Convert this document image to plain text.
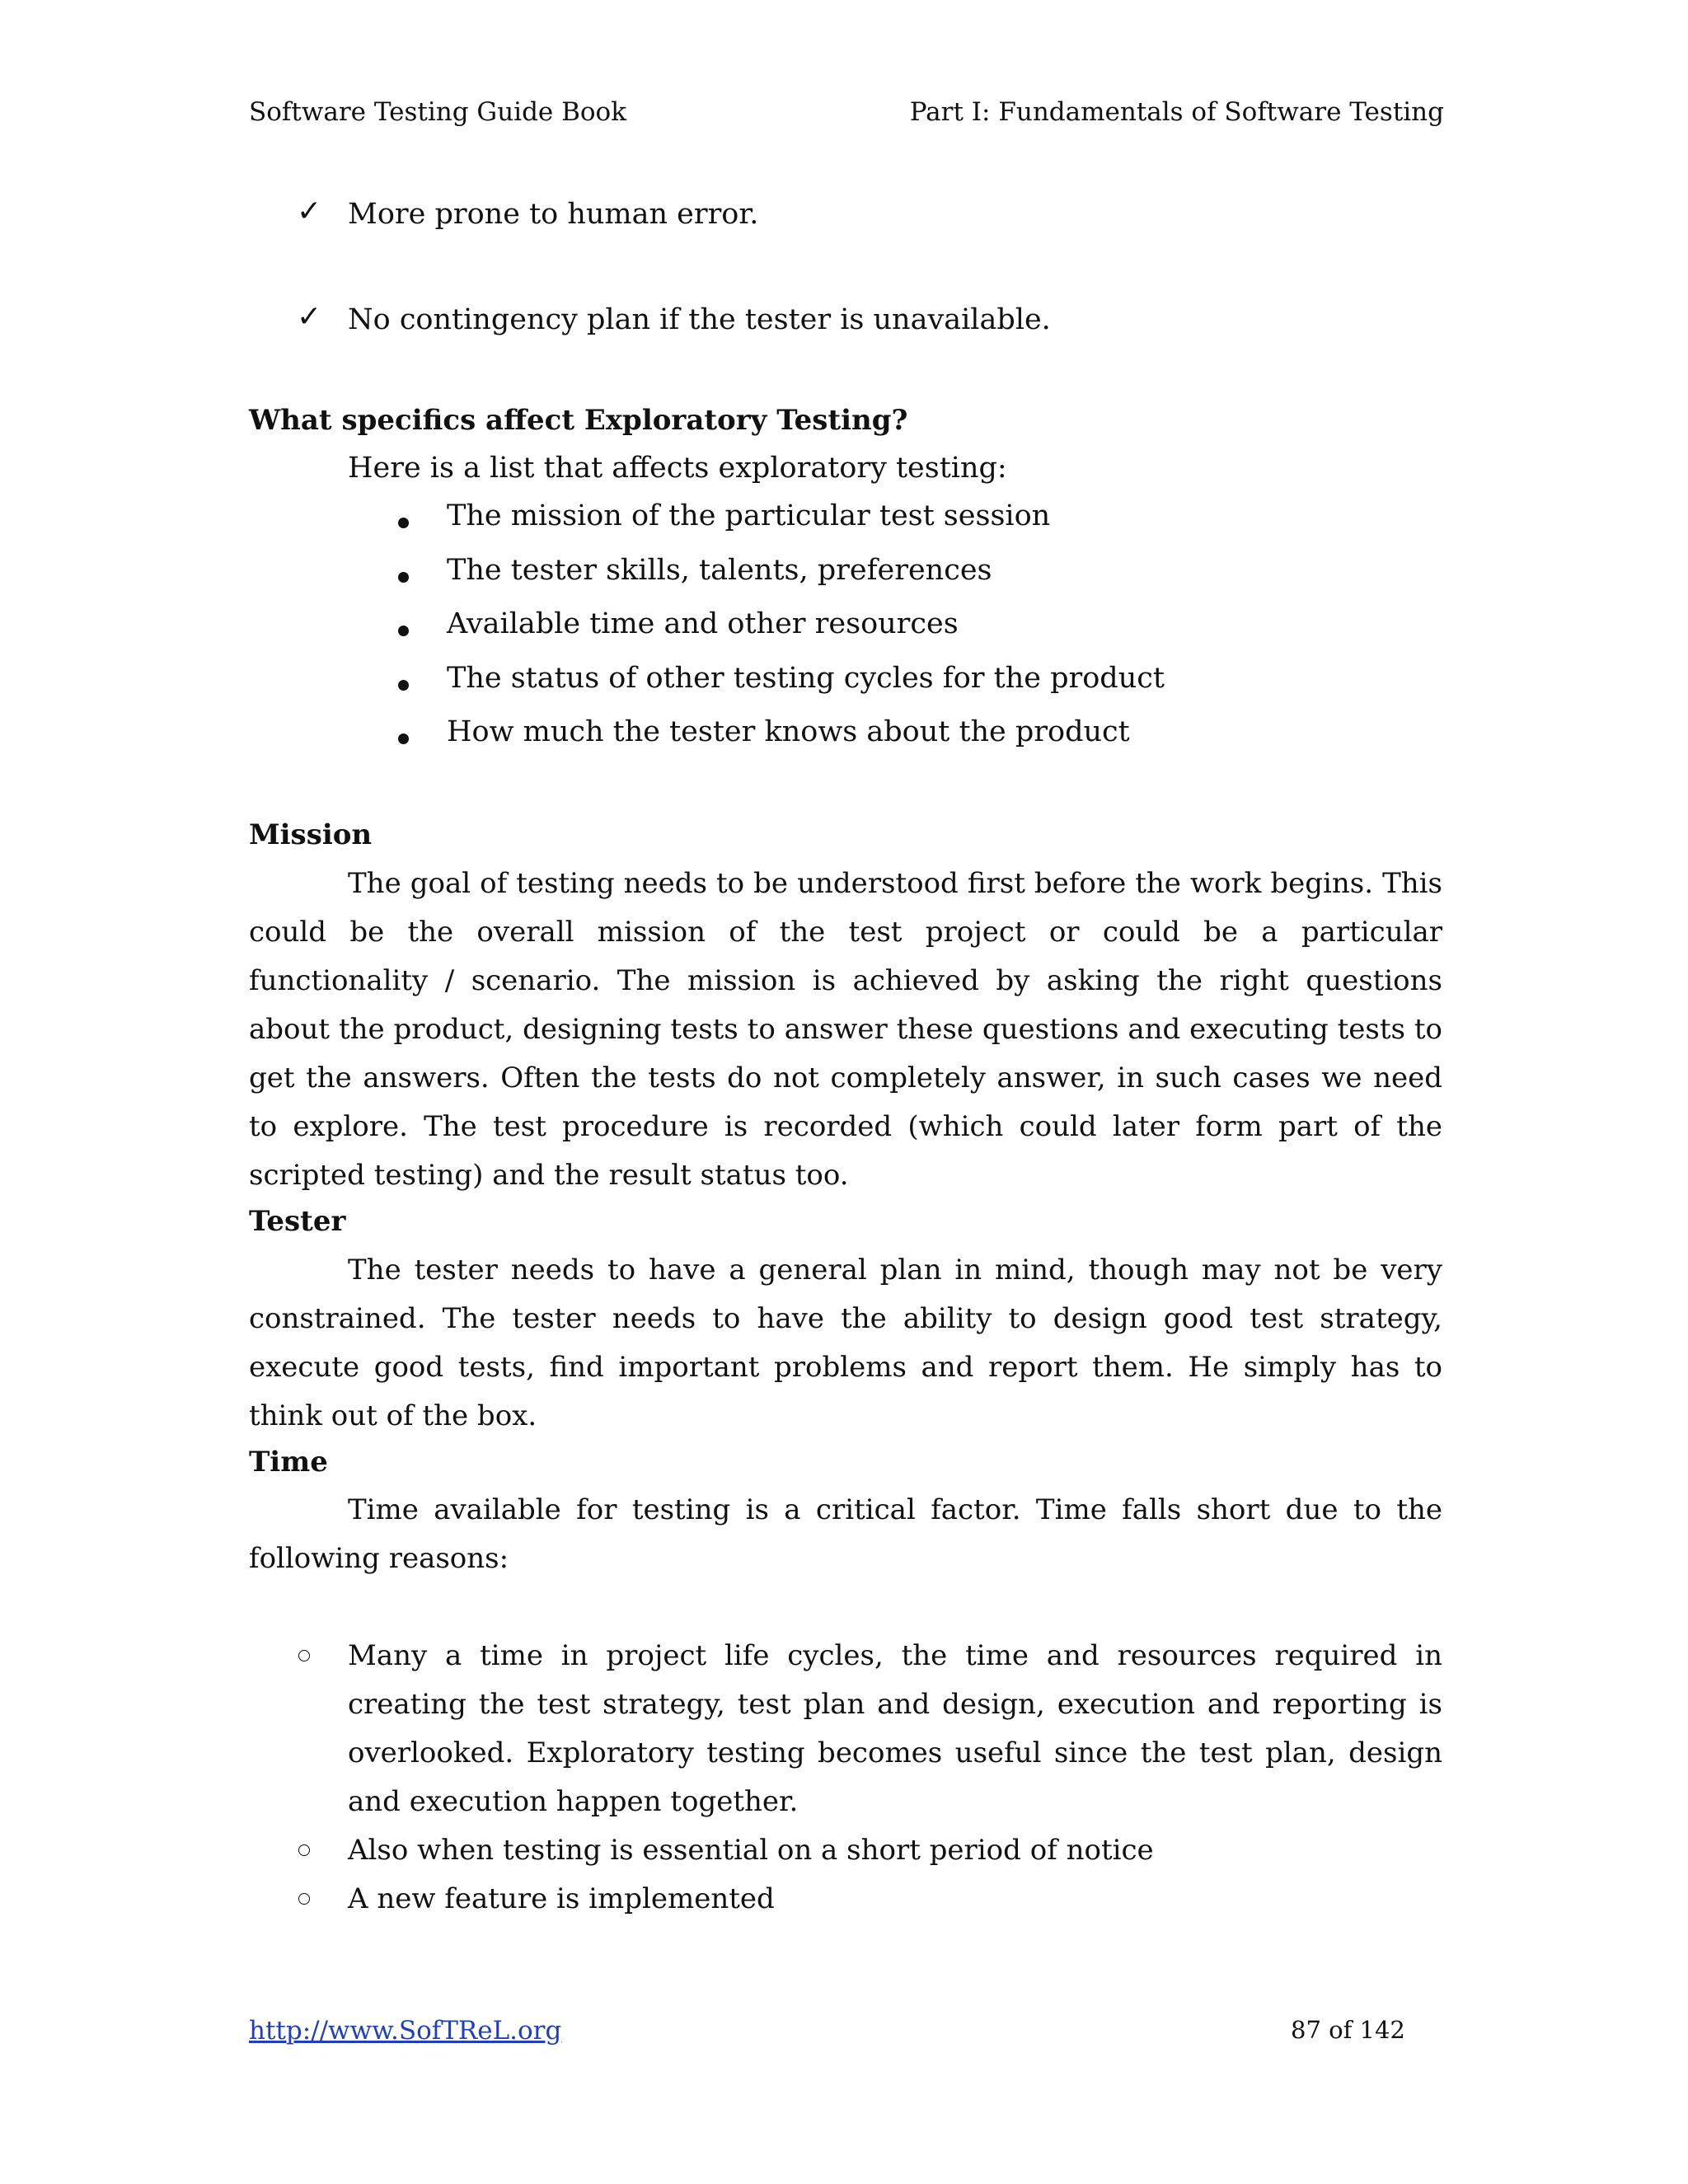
Software Testing Guide Book	Part I: Fundamentals of Software Testing
✓ More prone to human error.
✓ No contingency plan if the tester is unavailable.
What specifics affect Exploratory Testing?
Here is a list that affects exploratory testing:
The mission of the particular test session
The tester skills, talents, preferences
Available time and other resources
The status of other testing cycles for the product
How much the tester knows about the product
Mission

The goal of testing needs to be understood first before the work begins. This could be the overall mission of the test project or could be a particular functionality / scenario. The mission is achieved by asking the right questions about the product, designing tests to answer these questions and executing tests to get the answers. Often the tests do not completely answer, in such cases we need to explore. The test procedure is recorded (which could later form part of the scripted testing) and the result status too.

Tester

The tester needs to have a general plan in mind, though may not be very constrained. The tester needs to have the ability to design good test strategy, execute good tests, find important problems and report them. He simply has to think out of the box.

Time

Time available for testing is a critical factor. Time falls short due to the following reasons:

Many a time in project life cycles, the time and resources required in creating the test strategy, test plan and design, execution and reporting is overlooked. Exploratory testing becomes useful since the test plan, design and execution happen together.
Also when testing is essential on a short period of notice
A new feature is implemented
http://www.SofTReL.org	87 of 142
